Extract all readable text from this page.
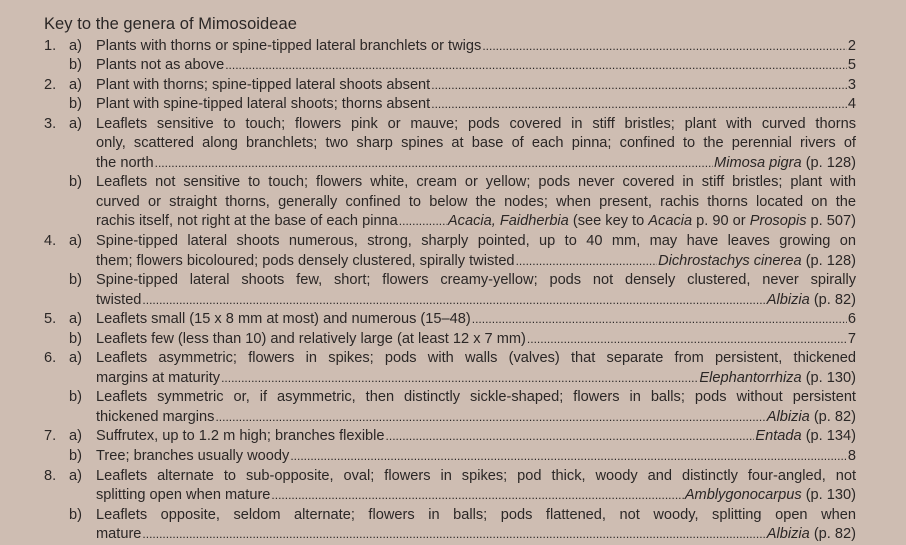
Key to the genera of Mimosoideae
1. a) Plants with thorns or spine-tipped lateral branchlets or twigs .....	2
b) Plants not as above .....	5
2. a) Plant with thorns; spine-tipped lateral shoots absent .....	3
b) Plant with spine-tipped lateral shoots; thorns absent .....	4
3. a) Leaflets sensitive to touch; flowers pink or mauve; pods covered in stiff bristles; plant with curved thorns
only, scattered along branchlets; two sharp spines at base of each pinna; confined to the perennial rivers of
the north .....	Mimosa pigra (p. 128)
b) Leaflets not sensitive to touch; flowers white, cream or yellow; pods never covered in stiff bristles; plant with
curved or straight thorns, generally confined to below the nodes; when present, rachis thorns located on the
rachis itself, not right at the base of each pinna .....	Acacia, Faidherbia (see key to Acacia p. 90 or Prosopis p. 507)
4. a) Spine-tipped lateral shoots numerous, strong, sharply pointed, up to 40 mm, may have leaves growing on
them; flowers bicoloured; pods densely clustered, spirally twisted .....	Dichrostachys cinerea (p. 128)
b) Spine-tipped lateral shoots few, short; flowers creamy-yellow; pods not densely clustered, never spirally
twisted .....	Albizia (p. 82)
5. a) Leaflets small (15 x 8 mm at most) and numerous (15–48) .....	6
b) Leaflets few (less than 10) and relatively large (at least 12 x 7 mm) .....	7
6. a) Leaflets asymmetric; flowers in spikes; pods with walls (valves) that separate from persistent, thickened
margins at maturity .....	Elephantorrhiza (p. 130)
b) Leaflets symmetric or, if asymmetric, then distinctly sickle-shaped; flowers in balls; pods without persistent
thickened margins .....	Albizia (p. 82)
7. a) Suffrutex, up to 1.2 m high; branches flexible .....	Entada (p. 134)
b) Tree; branches usually woody .....	8
8. a) Leaflets alternate to sub-opposite, oval; flowers in spikes; pod thick, woody and distinctly four-angled, not
splitting open when mature .....	Amblygonocarpus (p. 130)
b) Leaflets opposite, seldom alternate; flowers in balls; pods flattened, not woody, splitting open when
mature .....	Albizia (p. 82)
